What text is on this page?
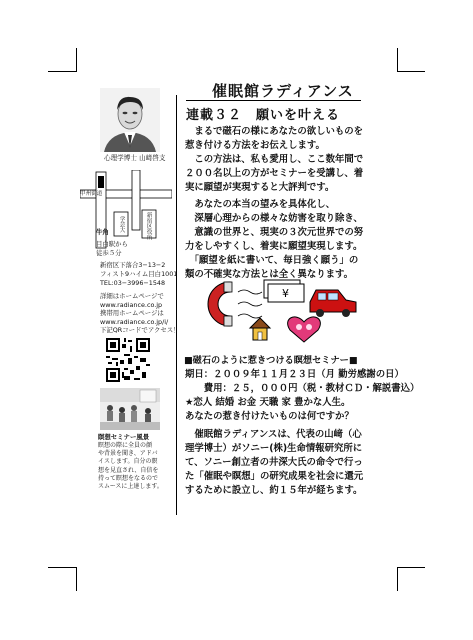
催眠館ラディアンス
連載３２　願いを叶える
心理学博士 山﨑啓支
甲州街道
牛角	新宿区役所
学芸大
目白駅から
徒歩５分
新宿区下落合3−13−2
フィスト9ハイム目白1001
TEL:03−3996−1548
詳細はホームページで
www.radiance.co.jp
携帯用ホームページは
www.radiance.co.jp/i/
下記QRコードでアクセス！
瞑想セミナー風景
瞑想の際に全員の顔
や背景を聞き、アドバ
イスします。自分の瞑
想を見直され、自信を
持って瞑想をなるので
スムースに上達します。

　まるで磁石の様にあなたの欲しいものを
惹き付ける方法をお伝えします。

　この方法は、私も愛用し、ここ数年間で
２００名以上の方がセミナーを受講し、着
実に願望が実現すると大評判です。

　あなたの本当の望みを具体化し、
　深層心理からの様々な妨害を取り除き、
　意識の世界と、現実の３次元世界での努
力をしやすくし、着実に願望実現します。
　「願望を紙に書いて、毎日強く願う」の
類の不確実な方法とは全く異なります。

¥
■磁石のように惹きつける瞑想セミナー■

期日：２００９年１１月２３日（月 勤労感謝の日）

　　費用：２５，０００円（税・教材ＣＤ・解説書込）

★恋人 結婚 お金 天職 家 豊かな人生。

あなたの惹き付けたいものは何ですか？

　催眠館ラディアンスは、代表の山﨑（心
理学博士）がソニー(株)生命情報研究所に
て、ソニー創立者の井深大氏の命令で行っ
た「催眠や瞑想」の研究成果を社会に還元
するために設立し、約１５年が経ちます。
